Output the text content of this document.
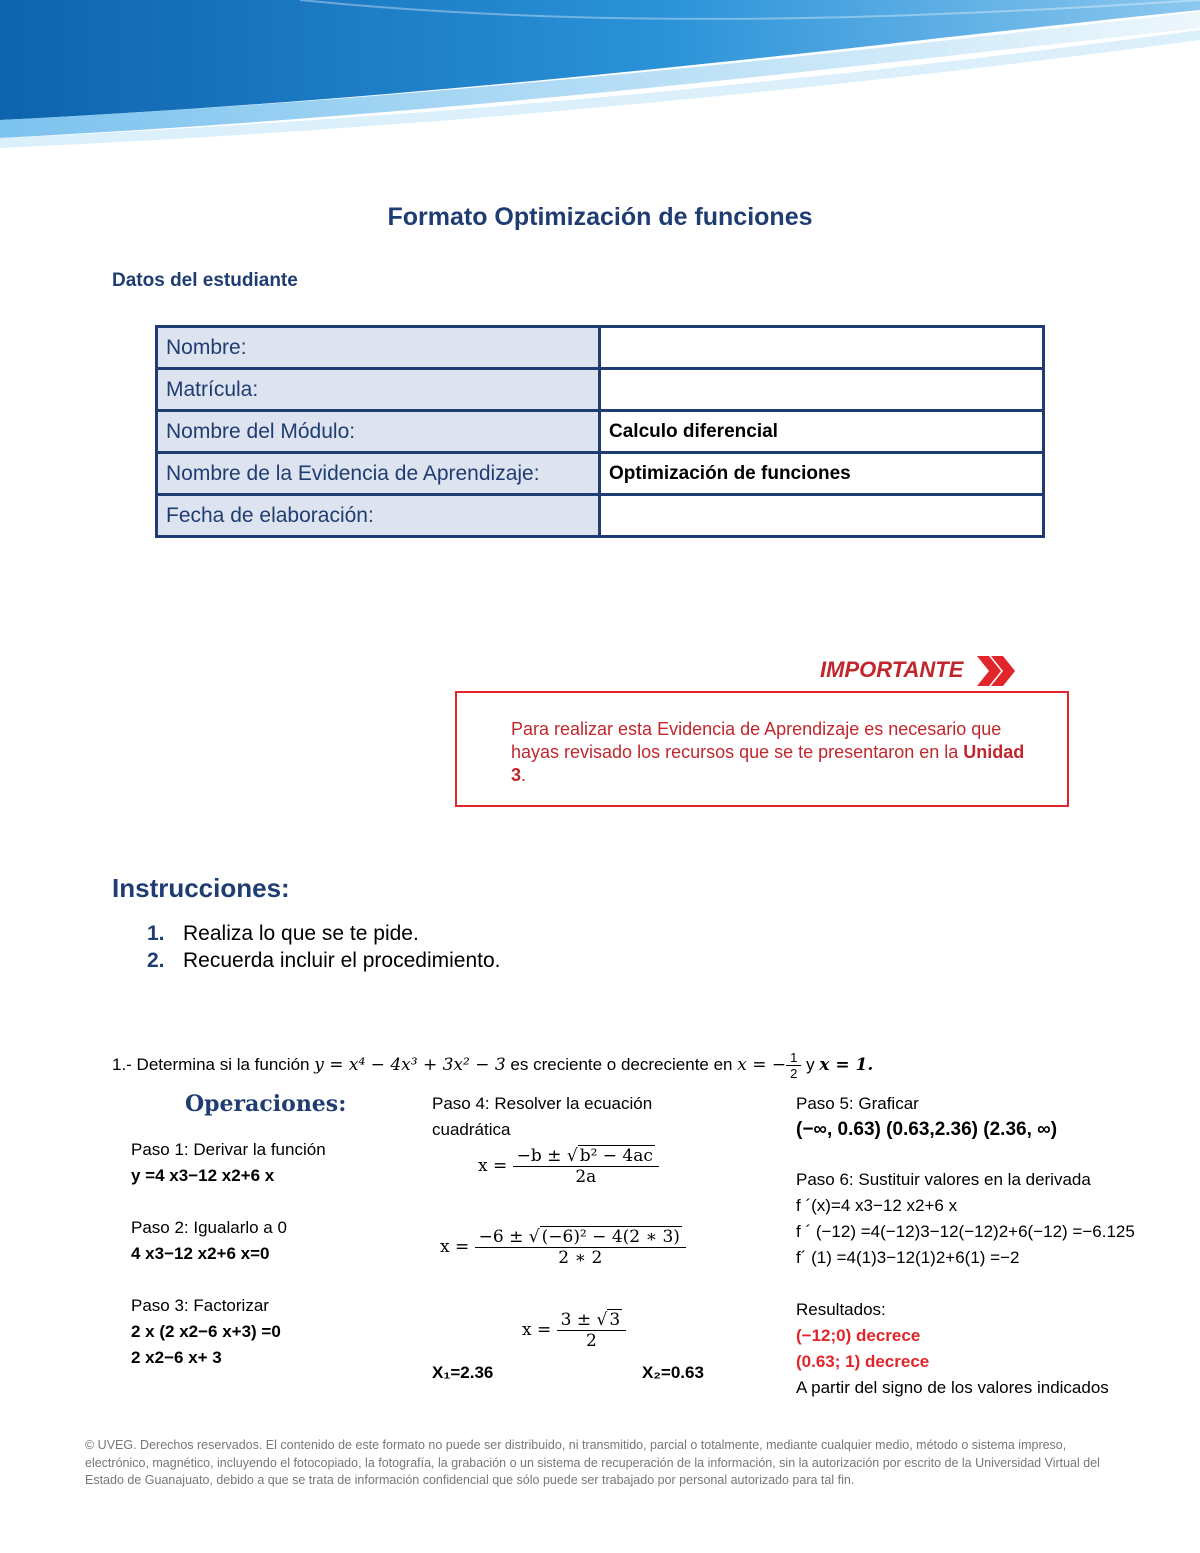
Formato Optimización de funciones
Datos del estudiante
Nombre:	
Matrícula:	
Nombre del Módulo:	Calculo diferencial
Nombre de la Evidencia de Aprendizaje:	Optimización de funciones
Fecha de elaboración:	
IMPORTANTE
Para realizar esta Evidencia de Aprendizaje es necesario que hayas revisado los recursos que se te presentaron en la Unidad 3.
Instrucciones:
1. Realiza lo que se te pide.
2. Recuerda incluir el procedimiento.
1.- Determina si la función y = x⁴ − 4x³ + 3x² − 3 es creciente o decreciente en x = − $\frac{1}{2}$ y x = 1.
Operaciones:
Paso 1: Derivar la función
y =4 x3−12 x2+6 x
Paso 2: Igualarlo a 0
4 x3−12 x2+6 x=0
Paso 3: Factorizar
2 x (2 x2−6 x+3) =0
2 x2−6 x+ 3
Paso 4: Resolver la ecuación cuadrática
$x = \frac{\text{−b ± √ b² − 4ac}}{2a}$
$x = \frac{\text{−6 ± √ (−6)² − 4(2 ∗ 3)}}{2 ∗ 2}$
$x = \frac{3 \pm √ 3}{2}$
X₁=2.36	X₂=0.63
Paso 5: Graficar
(−∞, 0.63) (0.63,2.36) (2.36, ∞)
Paso 6: Sustituir valores en la derivada
f ´(x)=4 x3−12 x2+6 x
f ´ (−12) =4(−12)3−12(−12)2+6(−12) =−6.125
f´ (1) =4(1)3−12(1)2+6(1) =−2
Resultados:
(−12;0) decrece
(0.63; 1) decrece
A partir del signo de los valores indicados
© UVEG. Derechos reservados. El contenido de este formato no puede ser distribuido, ni transmitido, parcial o totalmente, mediante cualquier medio, método o sistema impreso, electrónico, magnético, incluyendo el fotocopiado, la fotografía, la grabación o un sistema de recuperación de la información, sin la autorización por escrito de la Universidad Virtual del Estado de Guanajuato, debido a que se trata de información confidencial que sólo puede ser trabajado por personal autorizado para tal fin.
